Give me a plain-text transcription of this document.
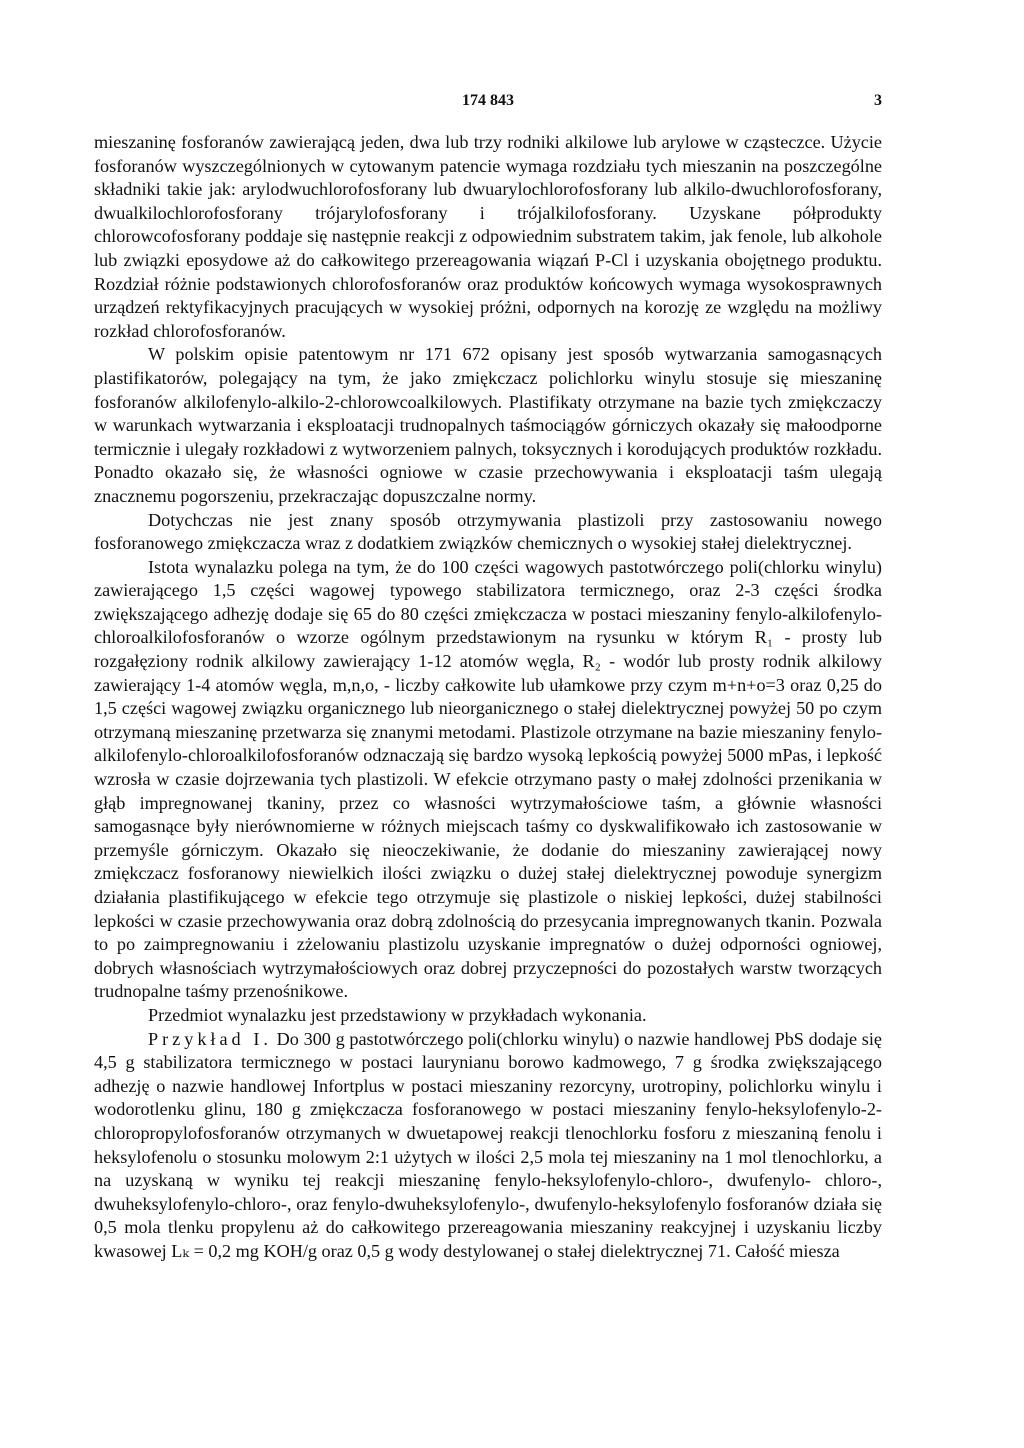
174 843	3

mieszaninę fosforanów zawierającą jeden, dwa lub trzy rodniki alkilowe lub arylowe w cząsteczce. Użycie fosforanów wyszczególnionych w cytowanym patencie wymaga rozdziału tych mieszanin na poszczególne składniki takie jak: arylodwuchlorofosforany lub dwuarylochlorofosforany lub alkilo-dwuchlorofosforany, dwualkilochlorofosforany trójarylofosforany i trójalkilofosforany. Uzyskane półprodukty chlorowcofosforany poddaje się następnie reakcji z odpowiednim substratem takim, jak fenole, lub alkohole lub związki eposydowe aż do całkowitego przereagowania wiązań P-Cl i uzyskania obojętnego produktu. Rozdział różnie podstawionych chlorofosforanów oraz produktów końcowych wymaga wysokosprawnych urządzeń rektyfikacyjnych pracujących w wysokiej próżni, odpornych na korozję ze względu na możliwy rozkład chlorofosforanów.

W polskim opisie patentowym nr 171 672 opisany jest sposób wytwarzania samogasnących plastifikatorów, polegający na tym, że jako zmiękczacz polichlorku winylu stosuje się mieszaninę fosforanów alkilofenylo-alkilo-2-chlorowcoalkilowych. Plastifikaty otrzymane na bazie tych zmiękczaczy w warunkach wytwarzania i eksploatacji trudnopalnych taśmociągów górniczych okazały się małoodporne termicznie i ulegały rozkładowi z wytworzeniem palnych, toksycznych i korodujących produktów rozkładu. Ponadto okazało się, że własności ogniowe w czasie przechowywania i eksploatacji taśm ulegają znacznemu pogorszeniu, przekraczając dopuszczalne normy.

Dotychczas nie jest znany sposób otrzymywania plastizoli przy zastosowaniu nowego fosforanowego zmiękczacza wraz z dodatkiem związków chemicznych o wysokiej stałej dielektrycznej.

Istota wynalazku polega na tym, że do 100 części wagowych pastotwórczego poli(chlorku winylu) zawierającego 1,5 części wagowej typowego stabilizatora termicznego, oraz 2-3 części środka zwiększającego adhezję dodaje się 65 do 80 części zmiękczacza w postaci mieszaniny fenylo-alkilofenylo-chloroalkilofosforanów o wzorze ogólnym przedstawionym na rysunku w którym R₁ - prosty lub rozgałęziony rodnik alkilowy zawierający 1-12 atomów węgla, R₂ - wodór lub prosty rodnik alkilowy zawierający 1-4 atomów węgla, m,n,o, - liczby całkowite lub ułamkowe przy czym m+n+o=3 oraz 0,25 do 1,5 części wagowej związku organicznego lub nieorganicznego o stałej dielektrycznej powyżej 50 po czym otrzymaną mieszaninę przetwarza się znanymi metodami. Plastizole otrzymane na bazie mieszaniny fenylo-alkilofenylo-chloroalkilofosforanów odznaczają się bardzo wysoką lepkością powyżej 5000 mPas, i lepkość wzrosła w czasie dojrzewania tych plastizoli. W efekcie otrzymano pasty o małej zdolności przenikania w głąb impregnowanej tkaniny, przez co własności wytrzymałościowe taśm, a głównie własności samogasnące były nierównomierne w różnych miejscach taśmy co dyskwalifikowało ich zastosowanie w przemyśle górniczym. Okazało się nieoczekiwanie, że dodanie do mieszaniny zawierającej nowy zmiękczacz fosforanowy niewielkich ilości związku o dużej stałej dielektrycznej powoduje synergizm działania plastifikującego w efekcie tego otrzymuje się plastizole o niskiej lepkości, dużej stabilności lepkości w czasie przechowywania oraz dobrą zdolnością do przesycania impregnowanych tkanin. Pozwala to po zaimpregnowaniu i zżelowaniu plastizolu uzyskanie impregnatów o dużej odporności ogniowej, dobrych własnościach wytrzymałościowych oraz dobrej przyczepności do pozostałych warstw tworzących trudnopalne taśmy przenośnikowe.

Przedmiot wynalazku jest przedstawiony w przykładach wykonania.

Przykład I. Do 300 g pastotwórczego poli(chlorku winylu) o nazwie handlowej PbS dodaje się 4,5 g stabilizatora termicznego w postaci laurynianu borowo kadmowego, 7 g środka zwiększającego adhezję o nazwie handlowej Infortplus w postaci mieszaniny rezorcyny, urotropiny, polichlorku winylu i wodorotlenku glinu, 180 g zmiękczacza fosforanowego w postaci mieszaniny fenylo-heksylofenylo-2-chloropropylofosforanów otrzymanych w dwuetapowej reakcji tlenochlorku fosforu z mieszaniną fenolu i heksylofenolu o stosunku molowym 2:1 użytych w ilości 2,5 mola tej mieszaniny na 1 mol tlenochlorku, a na uzyskaną w wyniku tej reakcji mieszaninę fenylo-heksylofenylo-chloro-, dwufenylo- chloro-, dwuheksylofenylo-chloro-, oraz fenylo-dwuheksylofenylo-, dwufenylo-heksylofenylo fosforanów działa się 0,5 mola tlenku propylenu aż do całkowitego przereagowania mieszaniny reakcyjnej i uzyskaniu liczby kwasowej Lₖ = 0,2 mg KOH/g oraz 0,5 g wody destylowanej o stałej dielektrycznej 71. Całość miesza
